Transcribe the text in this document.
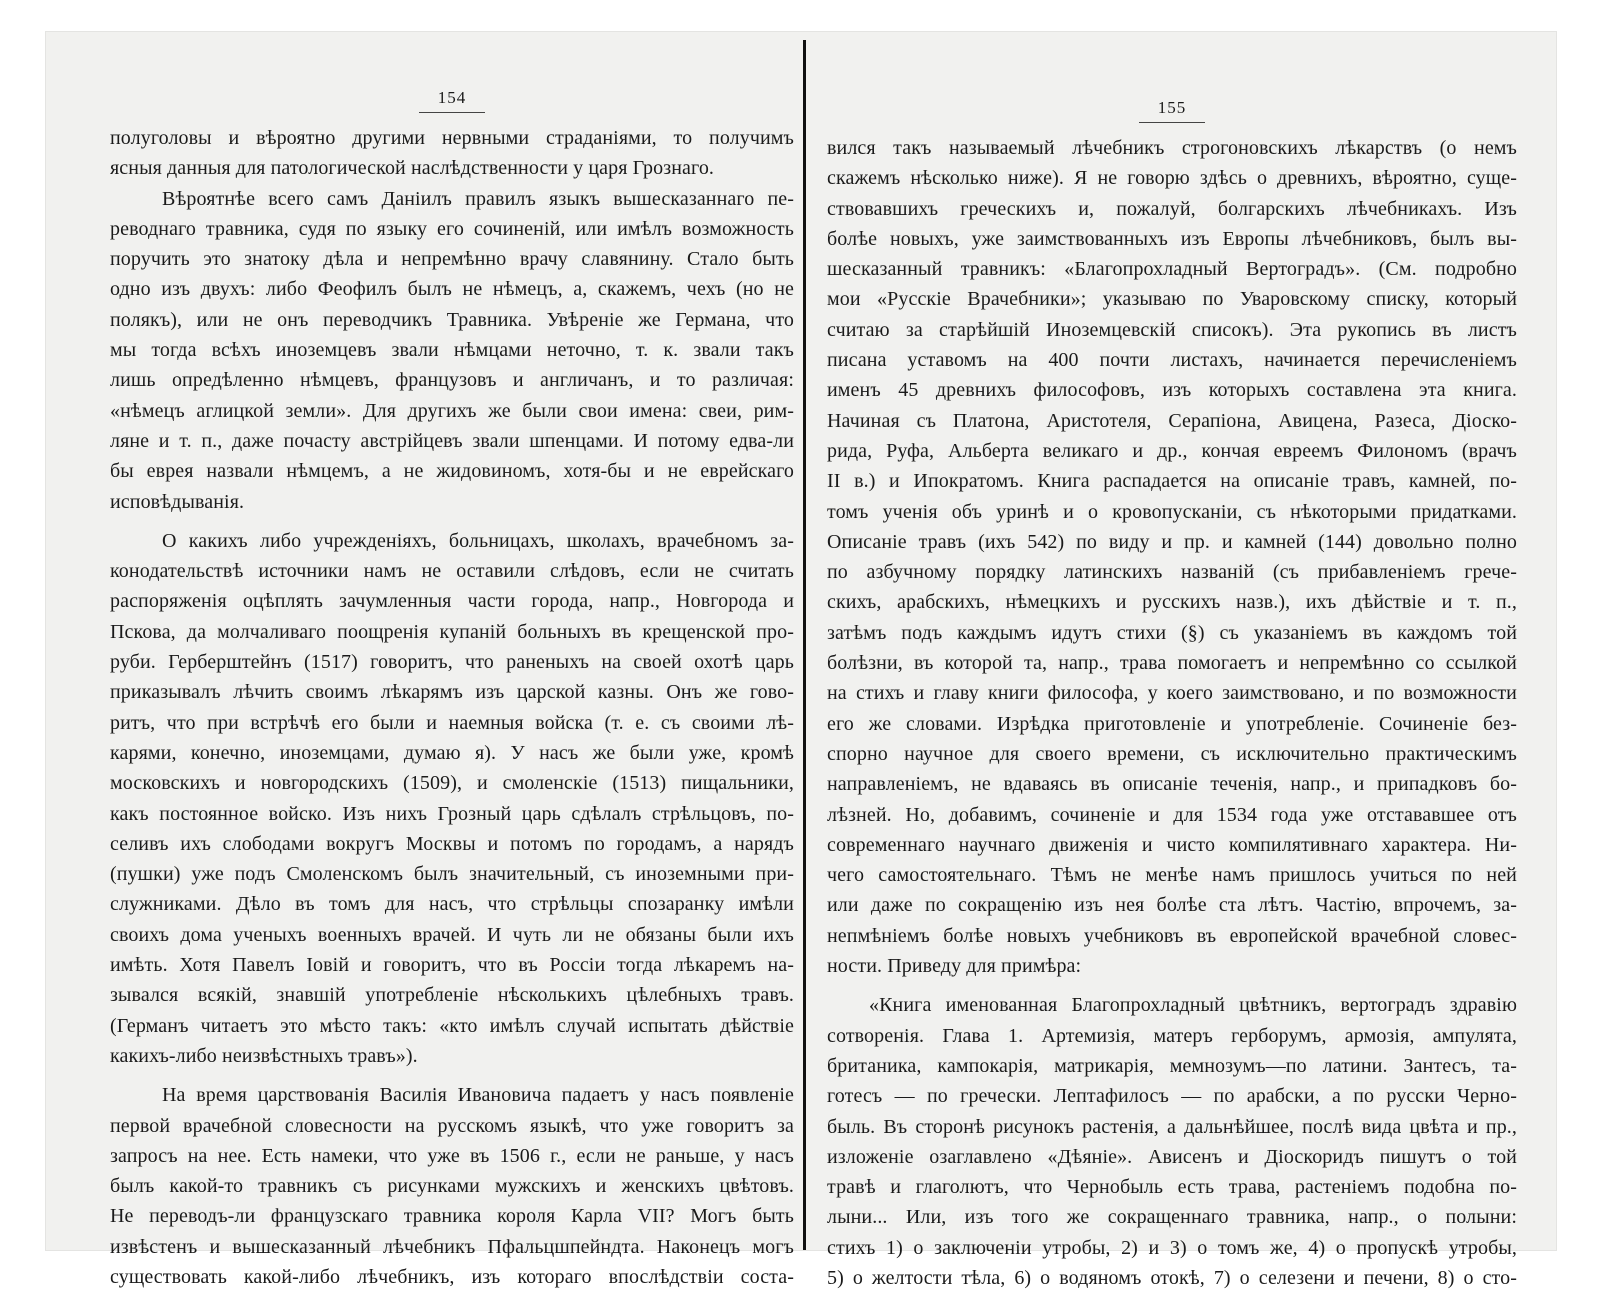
154
полуголовы и вѣроятно другими нервными страданіями, то получимъ
ясныя данныя для патологической наслѣдственности у царя Грознаго.
Вѣроятнѣе всего самъ Даніилъ правилъ языкъ вышесказаннаго пе-
реводнаго травника, судя по языку его сочиненій, или имѣлъ возможность
поручить это знатоку дѣла и непремѣнно врачу славянину. Стало быть
одно изъ двухъ: либо Феофилъ былъ не нѣмецъ, а, скажемъ, чехъ (но не
полякъ), или не онъ переводчикъ Травника. Увѣреніе же Германа, что
мы тогда всѣхъ иноземцевъ звали нѣмцами неточно, т. к. звали такъ
лишь опредѣленно нѣмцевъ, французовъ и англичанъ, и то различая:
«нѣмецъ аглицкой земли». Для другихъ же были свои имена: свеи, рим-
ляне и т. п., даже почасту австрійцевъ звали шпенцами. И потому едва-ли
бы еврея назвали нѣмцемъ, а не жидовиномъ, хотя-бы и не еврейскаго
исповѣдыванія.
О какихъ либо учрежденіяхъ, больницахъ, школахъ, врачебномъ за-
конодательствѣ источники намъ не оставили слѣдовъ, если не считать
распоряженія оцѣплять зачумленныя части города, напр., Новгорода и
Пскова, да молчаливаго поощренія купаній больныхъ въ крещенской про-
руби. Герберштейнъ (1517) говоритъ, что раненыхъ на своей охотѣ царь
приказывалъ лѣчить своимъ лѣкарямъ изъ царской казны. Онъ же гово-
ритъ, что при встрѣчѣ его были и наемныя войска (т. е. съ своими лѣ-
карями, конечно, иноземцами, думаю я). У насъ же были уже, кромѣ
московскихъ и новгородскихъ (1509), и смоленскіе (1513) пищальники,
какъ постоянное войско. Изъ нихъ Грозный царь сдѣлалъ стрѣльцовъ, по-
селивъ ихъ слободами вокругъ Москвы и потомъ по городамъ, а нарядъ
(пушки) уже подъ Смоленскомъ былъ значительный, съ иноземными при-
служниками. Дѣло въ томъ для насъ, что стрѣльцы спозаранку имѣли
своихъ дома ученыхъ военныхъ врачей. И чуть ли не обязаны были ихъ
имѣть. Хотя Павелъ Іовій и говоритъ, что въ Россіи тогда лѣкаремъ на-
зывался всякій, знавшій употребленіе нѣсколькихъ цѣлебныхъ травъ.
(Германъ читаетъ это мѣсто такъ: «кто имѣлъ случай испытать дѣйствіе
какихъ-либо неизвѣстныхъ травъ»).
На время царствованія Василія Ивановича падаетъ у насъ появленіе
первой врачебной словесности на русскомъ языкѣ, что уже говоритъ за
запросъ на нее. Есть намеки, что уже въ 1506 г., если не раньше, у насъ
былъ какой-то травникъ съ рисунками мужскихъ и женскихъ цвѣтовъ.
Не переводъ-ли французскаго травника короля Карла VII? Могъ быть
извѣстенъ и вышесказанный лѣчебникъ Пфальцшпейндта. Наконецъ могъ
существовать какой-либо лѣчебникъ, изъ котораго впослѣдствіи соста-
155
вился такъ называемый лѣчебникъ строгоновскихъ лѣкарствъ (о немъ
скажемъ нѣсколько ниже). Я не говорю здѣсь о древнихъ, вѣроятно, суще-
ствовавшихъ греческихъ и, пожалуй, болгарскихъ лѣчебникахъ. Изъ
болѣе новыхъ, уже заимствованныхъ изъ Европы лѣчебниковъ, былъ вы-
шесказанный травникъ: «Благопрохладный Вертоградъ». (См. подробно
мои «Русскіе Врачебники»; указываю по Уваровскому списку, который
считаю за старѣйшій Иноземцевскій списокъ). Эта рукопись въ листъ
писана уставомъ на 400 почти листахъ, начинается перечисленіемъ
именъ 45 древнихъ философовъ, изъ которыхъ составлена эта книга.
Начиная съ Платона, Аристотеля, Серапіона, Авицена, Разеса, Діоско-
рида, Руфа, Альберта великаго и др., кончая евреемъ Филономъ (врачъ
II в.) и Ипократомъ. Книга распадается на описаніе травъ, камней, по-
томъ ученія объ уринѣ и о кровопусканіи, съ нѣкоторыми придатками.
Описаніе травъ (ихъ 542) по виду и пр. и камней (144) довольно полно
по азбучному порядку латинскихъ названій (съ прибавленіемъ грече-
скихъ, арабскихъ, нѣмецкихъ и русскихъ назв.), ихъ дѣйствіе и т. п.,
затѣмъ подъ каждымъ идутъ стихи (§) съ указаніемъ въ каждомъ той
болѣзни, въ которой та, напр., трава помогаетъ и непремѣнно со ссылкой
на стихъ и главу книги философа, у коего заимствовано, и по возможности
его же словами. Изрѣдка приготовленіе и употребленіе. Сочиненіе без-
спорно научное для своего времени, съ исключительно практическимъ
направленіемъ, не вдаваясь въ описаніе теченія, напр., и припадковъ бо-
лѣзней. Но, добавимъ, сочиненіе и для 1534 года уже отстававшее отъ
современнаго научнаго движенія и чисто компилятивнаго характера. Ни-
чего самостоятельнаго. Тѣмъ не менѣе намъ пришлось учиться по ней
или даже по сокращенію изъ нея болѣе ста лѣтъ. Частію, впрочемъ, за-
непмѣніемъ болѣе новыхъ учебниковъ въ европейской врачебной словес-
ности. Приведу для примѣра:
«Книга именованная Благопрохладный цвѣтникъ, вертоградъ здравію
сотворенія. Глава 1. Артемизія, матеръ герборумъ, армозія, ампулята,
британика, кампокарія, матрикарія, мемнозумъ—по латини. Зантесъ, та-
готесъ — по гречески. Лептафилосъ — по арабски, а по русски Черно-
быль. Въ сторонѣ рисунокъ растенія, а дальнѣйшее, послѣ вида цвѣта и пр.,
изложеніе озаглавлено «Дѣяніе». Ависенъ и Діоскоридъ пишутъ о той
травѣ и глаголютъ, что Чернобыль есть трава, растеніемъ подобна по-
лыни... Или, изъ того же сокращеннаго травника, напр., о полыни:
стихъ 1) о заключеніи утробы, 2) и 3) о томъ же, 4) о пропускѣ утробы,
5) о желтости тѣла, 6) о водяномъ отокѣ, 7) о селезени и печени, 8) о сто-
